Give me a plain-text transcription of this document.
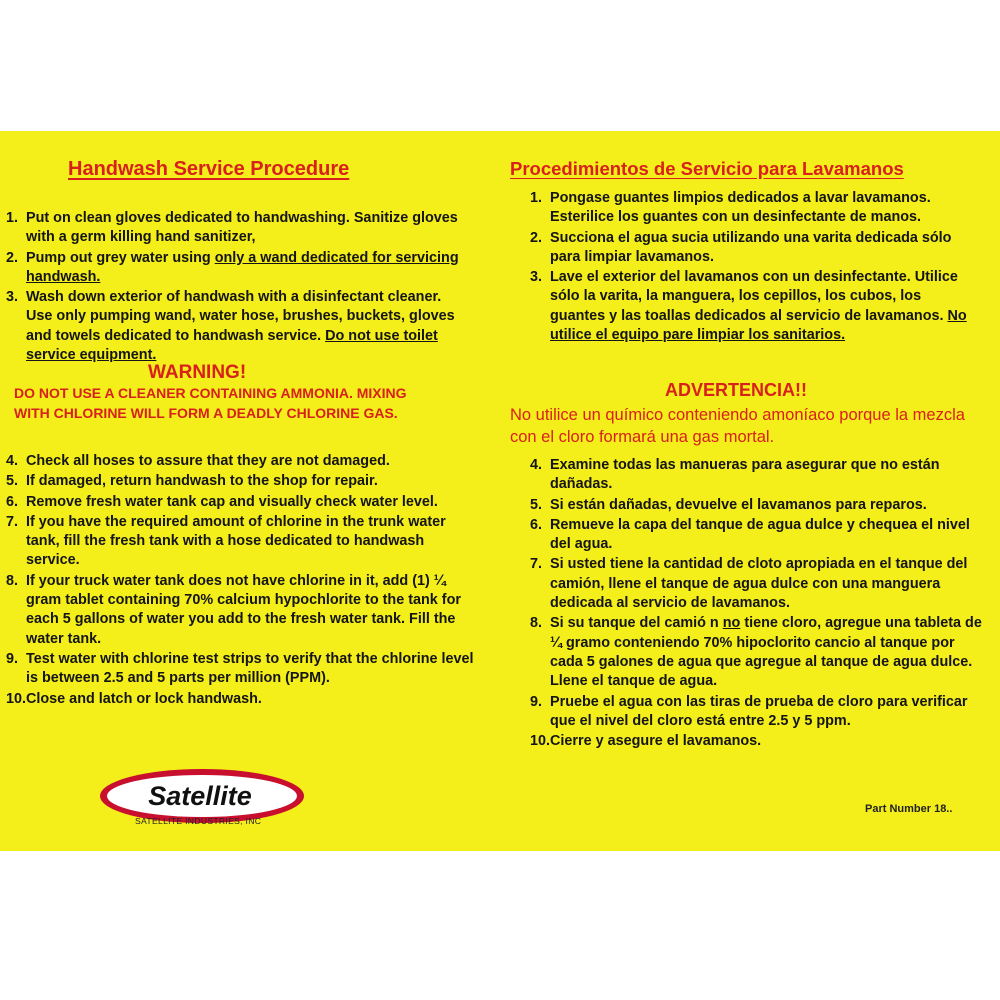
Handwash Service Procedure
1. Put on clean gloves dedicated to handwashing. Sanitize gloves with a germ killing hand sanitizer,
2. Pump out grey water using only a wand dedicated for servicing handwash.
3. Wash down exterior of handwash with a disinfectant cleaner. Use only pumping wand, water hose, brushes, buckets, gloves and towels dedicated to handwash service. Do not use toilet service equipment.
WARNING!
DO NOT USE A CLEANER CONTAINING AMMONIA. MIXING WITH CHLORINE WILL FORM A DEADLY CHLORINE GAS.
4. Check all hoses to assure that they are not damaged.
5. If damaged, return handwash to the shop for repair.
6. Remove fresh water tank cap and visually check water level.
7. If you have the required amount of chlorine in the trunk water tank, fill the fresh tank with a hose dedicated to handwash service.
8. If your truck water tank does not have chlorine in it, add (1) ¼ gram tablet containing 70% calcium hypochlorite to the tank for each 5 gallons of water you add to the fresh water tank. Fill the water tank.
9. Test water with chlorine test strips to verify that the chlorine level is between 2.5 and 5 parts per million (PPM).
10. Close and latch or lock handwash.
Procedimientos de Servicio para Lavamanos
1. Pongase guantes limpios dedicados a lavar lavamanos. Esterilice los guantes con un desinfectante de manos.
2. Succiona el agua sucia utilizando una varita dedicada sólo para limpiar lavamanos.
3. Lave el exterior del lavamanos con un desinfectante. Utilice sólo la varita, la manguera, los cepillos, los cubos, los guantes y las toallas dedicados al servicio de lavamanos. No utilice el equipo pare limpiar los sanitarios.
ADVERTENCIA!!
No utilice un químico conteniendo amoníaco porque la mezcla con el cloro formará una gas mortal.
4. Examine todas las manueras para asegurar que no están dañadas.
5. Si están dañadas, devuelve el lavamanos para reparos.
6. Remueve la capa del tanque de agua dulce y chequea el nivel del agua.
7. Si usted tiene la cantidad de cloto apropiada en el tanque del camión, llene el tanque de agua dulce con una manguera dedicada al servicio de lavamanos.
8. Si su tanque del camió n no tiene cloro, agregue una tableta de ¼ gramo conteniendo 70% hipoclorito cancio al tanque por cada 5 galones de agua que agregue al tanque de agua dulce. Llene el tanque de agua.
9. Pruebe el agua con las tiras de prueba de cloro para verificar que el nivel del cloro está entre 2.5 y 5 ppm.
10. Cierre y asegure el lavamanos.
Satellite
SATELLITE INDUSTRIES, INC
Part Number 18..
